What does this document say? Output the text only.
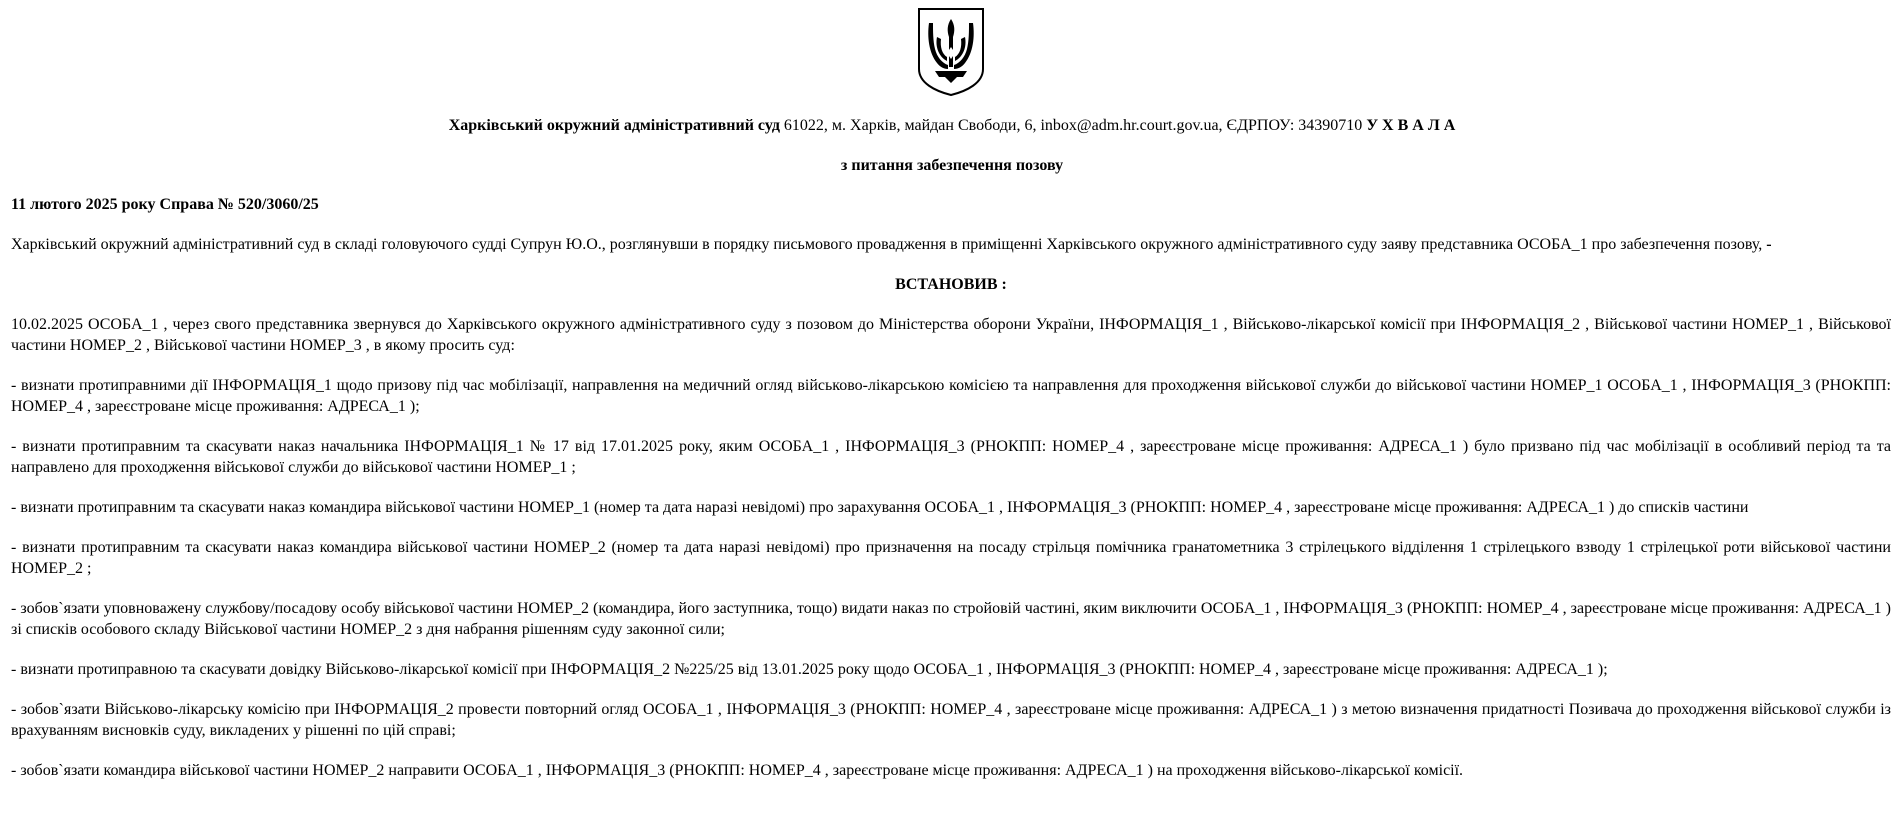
Харківський окружний адміністративний суд 61022, м. Харків, майдан Свободи, 6, inbox@adm.hr.court.gov.ua, ЄДРПОУ: 34390710 У Х В А Л А
з питання забезпечення позову

11 лютого 2025 року Справа № 520/3060/25

Харківський окружний адміністративний суд в складі головуючого судді Супрун Ю.О., розглянувши в порядку письмового провадження в приміщенні Харківського окружного адміністративного суду заяву представника ОСОБА_1 про забезпечення позову, -

ВСТАНОВИВ :

10.02.2025 ОСОБА_1 , через свого представника звернувся до Харківського окружного адміністративного суду з позовом до Міністерства оборони України, ІНФОРМАЦІЯ_1 , Військово-лікарської комісії при ІНФОРМАЦІЯ_2 , Військової частини НОМЕР_1 , Військової частини НОМЕР_2 , Військової частини НОМЕР_3 , в якому просить суд:

- визнати протиправними дії ІНФОРМАЦІЯ_1 щодо призову під час мобілізації, направлення на медичний огляд військово-лікарською комісією та направлення для проходження військової служби до військової частини НОМЕР_1 ОСОБА_1 , ІНФОРМАЦІЯ_3 (РНОКПП: НОМЕР_4 , зареєстроване місце проживання: АДРЕСА_1 );

- визнати протиправним та скасувати наказ начальника ІНФОРМАЦІЯ_1 № 17 від 17.01.2025 року, яким ОСОБА_1 , ІНФОРМАЦІЯ_3 (РНОКПП: НОМЕР_4 , зареєстроване місце проживання: АДРЕСА_1 ) було призвано під час мобілізації в особливий період та та направлено для проходження військової служби до військової частини НОМЕР_1 ;

- визнати протиправним та скасувати наказ командира військової частини НОМЕР_1 (номер та дата наразі невідомі) про зарахування ОСОБА_1 , ІНФОРМАЦІЯ_3 (РНОКПП: НОМЕР_4 , зареєстроване місце проживання: АДРЕСА_1 ) до списків частини

- визнати протиправним та скасувати наказ командира військової частини НОМЕР_2 (номер та дата наразі невідомі) про призначення на посаду стрільця помічника гранатометника 3 стрілецького відділення 1 стрілецького взводу 1 стрілецької роти військової частини НОМЕР_2 ;

- зобов`язати уповноважену службову/посадову особу військової частини НОМЕР_2 (командира, його заступника, тощо) видати наказ по стройовій частині, яким виключити ОСОБА_1 , ІНФОРМАЦІЯ_3 (РНОКПП: НОМЕР_4 , зареєстроване місце проживання: АДРЕСА_1 ) зі списків особового складу Військової частини НОМЕР_2 з дня набрання рішенням суду законної сили;

- визнати протиправною та скасувати довідку Військово-лікарської комісії при ІНФОРМАЦІЯ_2 №225/25 від 13.01.2025 року щодо ОСОБА_1 , ІНФОРМАЦІЯ_3 (РНОКПП: НОМЕР_4 , зареєстроване місце проживання: АДРЕСА_1 );

- зобов`язати Військово-лікарську комісію при ІНФОРМАЦІЯ_2 провести повторний огляд ОСОБА_1 , ІНФОРМАЦІЯ_3 (РНОКПП: НОМЕР_4 , зареєстроване місце проживання: АДРЕСА_1 ) з метою визначення придатності Позивача до проходження військової служби із врахуванням висновків суду, викладених у рішенні по цій справі;

- зобов`язати командира військової частини НОМЕР_2 направити ОСОБА_1 , ІНФОРМАЦІЯ_3 (РНОКПП: НОМЕР_4 , зареєстроване місце проживання: АДРЕСА_1 ) на проходження військово-лікарської комісії.
